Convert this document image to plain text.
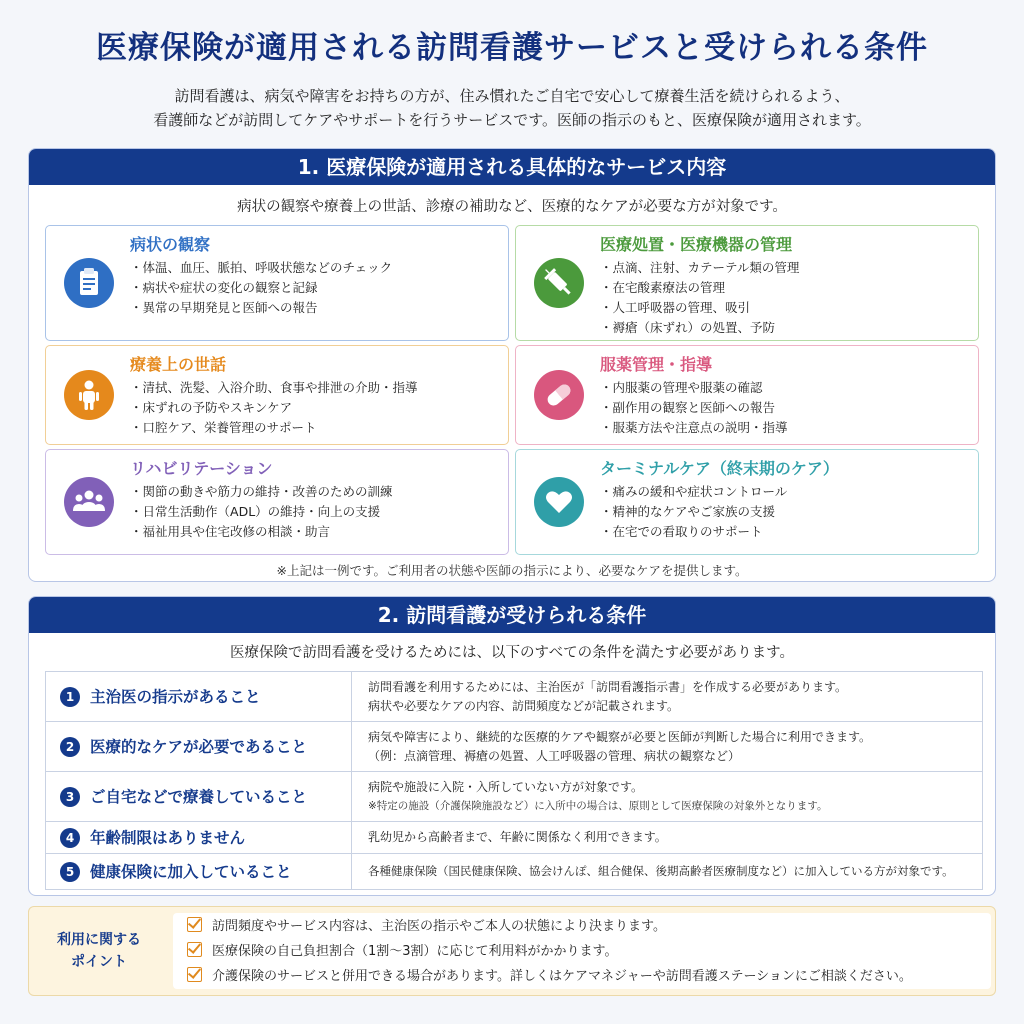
医療保険が適用される訪問看護サービスと受けられる条件
訪問看護は、病気や障害をお持ちの方が、住み慣れたご自宅で安心して療養生活を続けられるよう、
看護師などが訪問してケアやサポートを行うサービスです。医師の指示のもと、医療保険が適用されます。
1. 医療保険が適用される具体的なサービス内容
病状の観察や療養上の世話、診療の補助など、医療的なケアが必要な方が対象です。
病状の観察
・ 体温、血圧、脈拍、呼吸状態などのチェック
・ 病状や症状の変化の観察と記録
・ 異常の早期発見と医師への報告
医療処置・医療機器の管理
・ 点滴、注射、カテーテル類の管理
・ 在宅酸素療法の管理
・ 人工呼吸器の管理、吸引
・ 褥瘡（床ずれ）の処置、予防
療養上の世話
・ 清拭、洗髪、入浴介助、食事や排泄の介助・指導
・ 床ずれの予防やスキンケア
・ 口腔ケア、栄養管理のサポート
服薬管理・指導
・ 内服薬の管理や服薬の確認
・ 副作用の観察と医師への報告
・ 服薬方法や注意点の説明・指導
リハビリテーション
・ 関節の動きや筋力の維持・改善のための訓練
・ 日常生活動作（ADL）の維持・向上の支援
・ 福祉用具や住宅改修の相談・助言
ターミナルケア（終末期のケア）
・ 痛みの緩和や症状コントロール
・ 精神的なケアやご家族の支援
・ 在宅での看取りのサポート
※上記は一例です。ご利用者の状態や医師の指示により、必要なケアを提供します。
2. 訪問看護が受けられる条件
医療保険で訪問看護を受けるためには、以下のすべての条件を満たす必要があります。
1 主治医の指示があること	訪問看護を利用するためには、主治医が「訪問看護指示書」を作成する必要があります。
病状や必要なケアの内容、訪問頻度などが記載されます。

2 医療的なケアが必要であること	病気や障害により、継続的な医療的ケアや観察が必要と医師が判断した場合に利用できます。
（例：点滴管理、褥瘡の処置、人工呼吸器の管理、病状の観察など）

3 ご自宅などで療養していること	病院や施設に入院・入所していない方が対象です。
※特定の施設（介護保険施設など）に入所中の場合は、原則として医療保険の対象外となります。

4 年齢制限はありません	乳幼児から高齢者まで、年齢に関係なく利用できます。

5 健康保険に加入していること	各種健康保険（国民健康保険、協会けんぽ、組合健保、後期高齢者医療制度など）に加入している方が対象です。
利用に関する
ポイント
訪問頻度やサービス内容は、主治医の指示やご本人の状態により決まります。
医療保険の自己負担割合（1割〜3割）に応じて利用料がかかります。
介護保険のサービスと併用できる場合があります。詳しくはケアマネジャーや訪問看護ステーションにご相談ください。
